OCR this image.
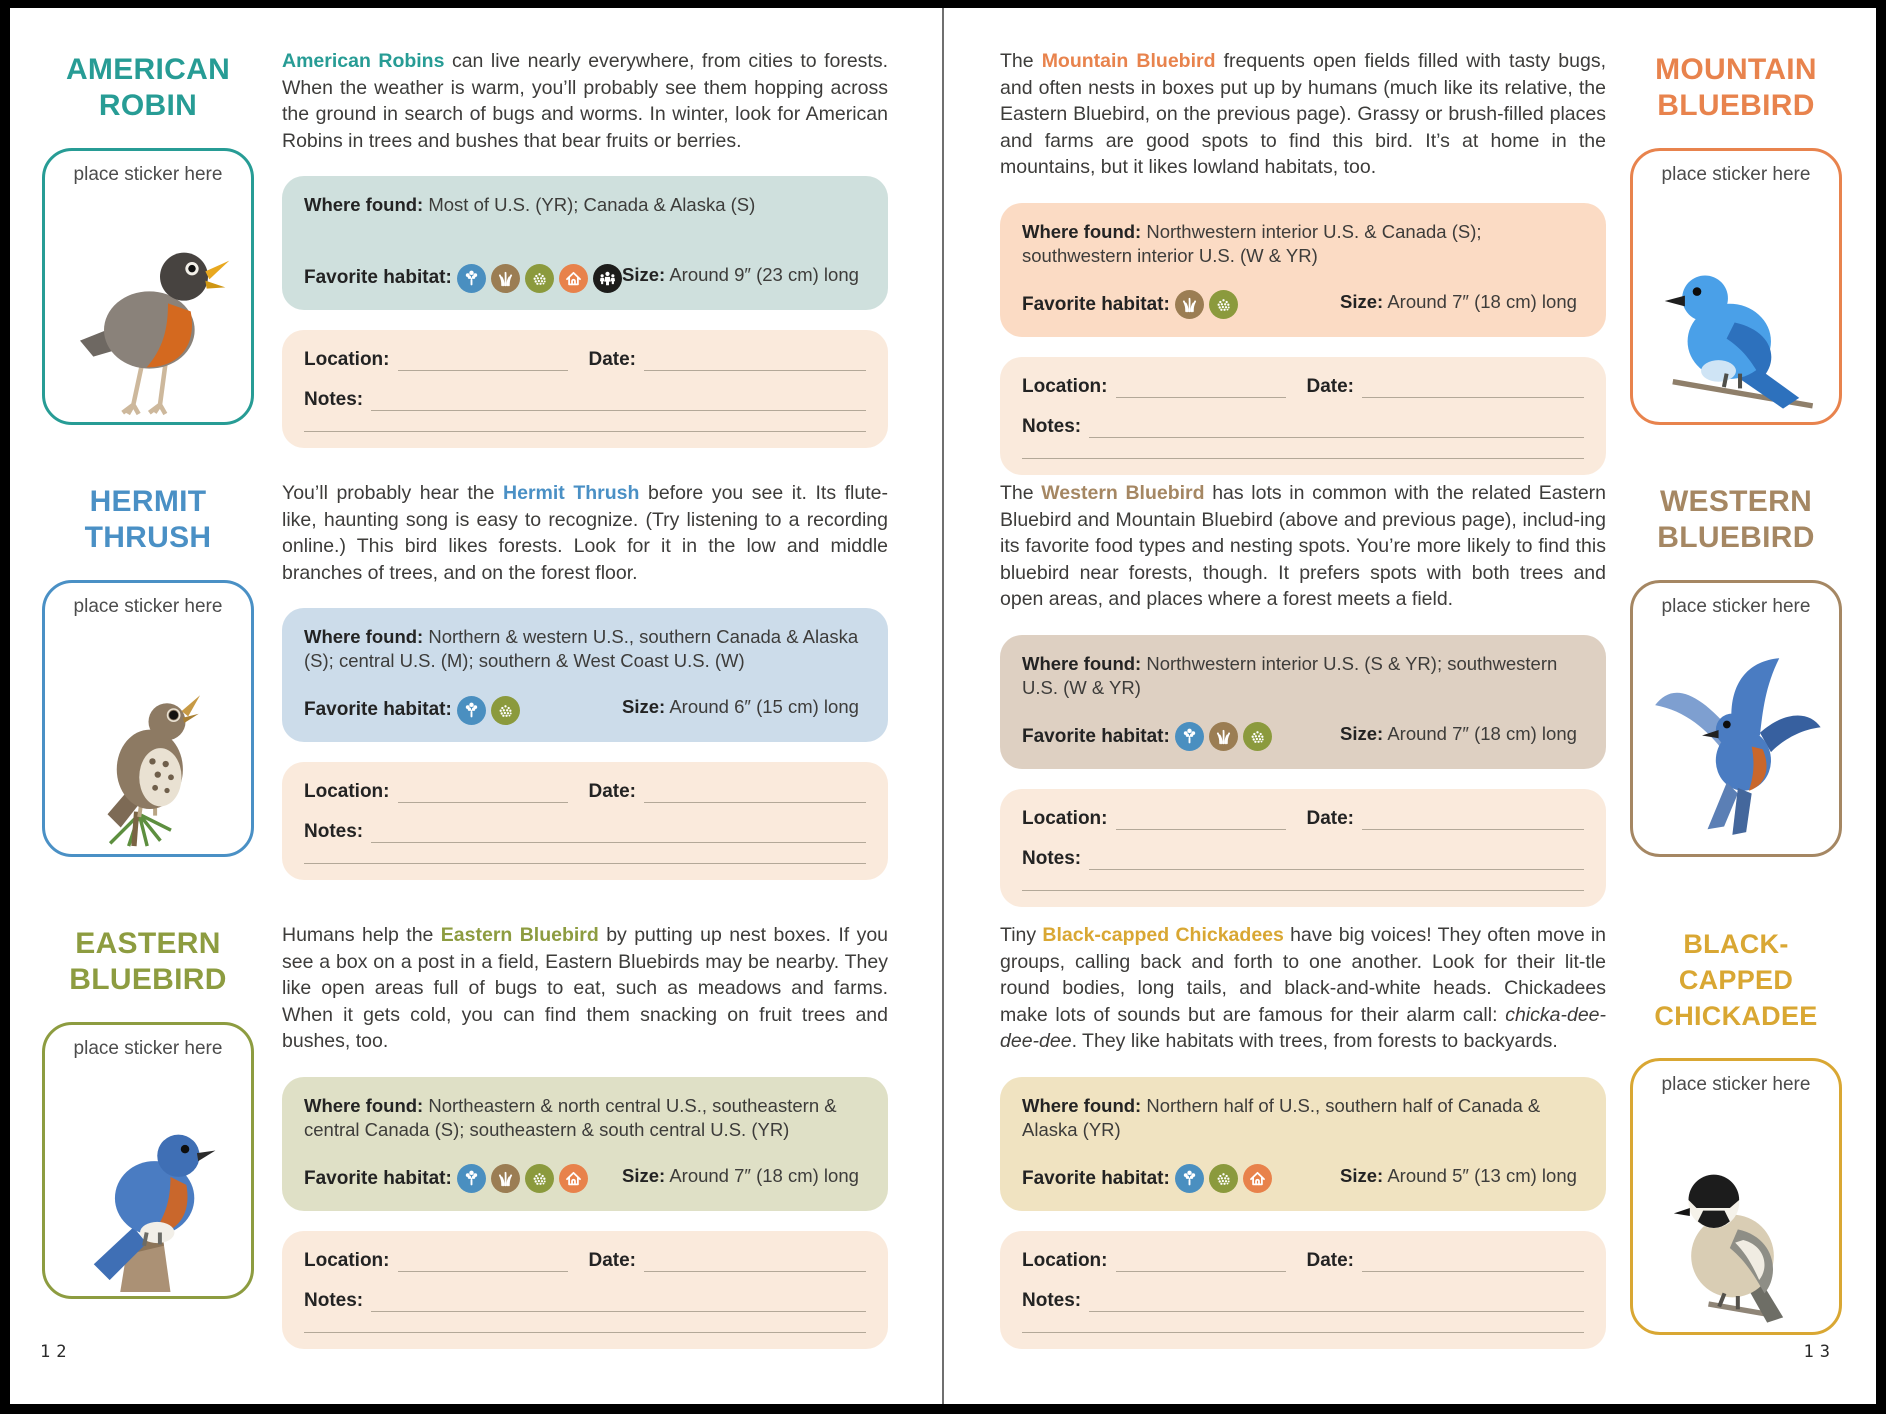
AMERICAN
ROBIN
place sticker here

American Robins can live nearly everywhere, from cities to forests. When the weather is warm, you’ll probably see them hopping across the ground in search of bugs and worms. In winter, look for American Robins in trees and bushes that bear fruits or berries.

Where found: Most of U.S. (YR); Canada & Alaska (S)
Favorite habitat:	Size: Around 9″ (23 cm) long
Location:	Date:
Notes:
HERMIT
THRUSH
place sticker here

You’ll probably hear the Hermit Thrush before you see it. Its flute-like, haunting song is easy to recognize. (Try listening to a recording online.) This bird likes forests. Look for it in the low and middle branches of trees, and on the forest floor.

Where found: Northern & western U.S., southern Canada & Alaska (S); central U.S. (M); southern & West Coast U.S. (W)
Favorite habitat:	Size: Around 6″ (15 cm) long
Location:	Date:
Notes:
EASTERN
BLUEBIRD
place sticker here

Humans help the Eastern Bluebird by putting up nest boxes. If you see a box on a post in a field, Eastern Bluebirds may be nearby. They like open areas full of bugs to eat, such as meadows and farms. When it gets cold, you can find them snacking on fruit trees and bushes, too.

Where found: Northeastern & north central U.S., southeastern & central Canada (S); southeastern & south central U.S. (YR)
Favorite habitat:	Size: Around 7″ (18 cm) long
Location:	Date:
Notes:
12

The Mountain Bluebird frequents open fields filled with tasty bugs, and often nests in boxes put up by humans (much like its relative, the Eastern Bluebird, on the previous page). Grassy or brush-filled places and farms are good spots to find this bird. It’s at home in the mountains, but it likes lowland habitats, too.

Where found: Northwestern interior U.S. & Canada (S); southwestern interior U.S. (W & YR)
Favorite habitat:	Size: Around 7″ (18 cm) long
Location:	Date:
Notes:
MOUNTAIN
BLUEBIRD
place sticker here

The Western Bluebird has lots in common with the related Eastern Bluebird and Mountain Bluebird (above and previous page), includ-ing its favorite food types and nesting spots. You’re more likely to find this bluebird near forests, though. It prefers spots with both trees and open areas, and places where a forest meets a field.

Where found: Northwestern interior U.S. (S & YR); southwestern U.S. (W & YR)
Favorite habitat:	Size: Around 7″ (18 cm) long
Location:	Date:
Notes:
WESTERN
BLUEBIRD
place sticker here

Tiny Black-capped Chickadees have big voices! They often move in groups, calling back and forth to one another. Look for their lit-tle round bodies, long tails, and black-and-white heads. Chickadees make lots of sounds but are famous for their alarm call: chicka-dee-dee-dee. They like habitats with trees, from forests to backyards.

Where found: Northern half of U.S., southern half of Canada & Alaska (YR)
Favorite habitat:	Size: Around 5″ (13 cm) long
Location:	Date:
Notes:
BLACK-CAPPED
CHICKADEE
place sticker here
13
